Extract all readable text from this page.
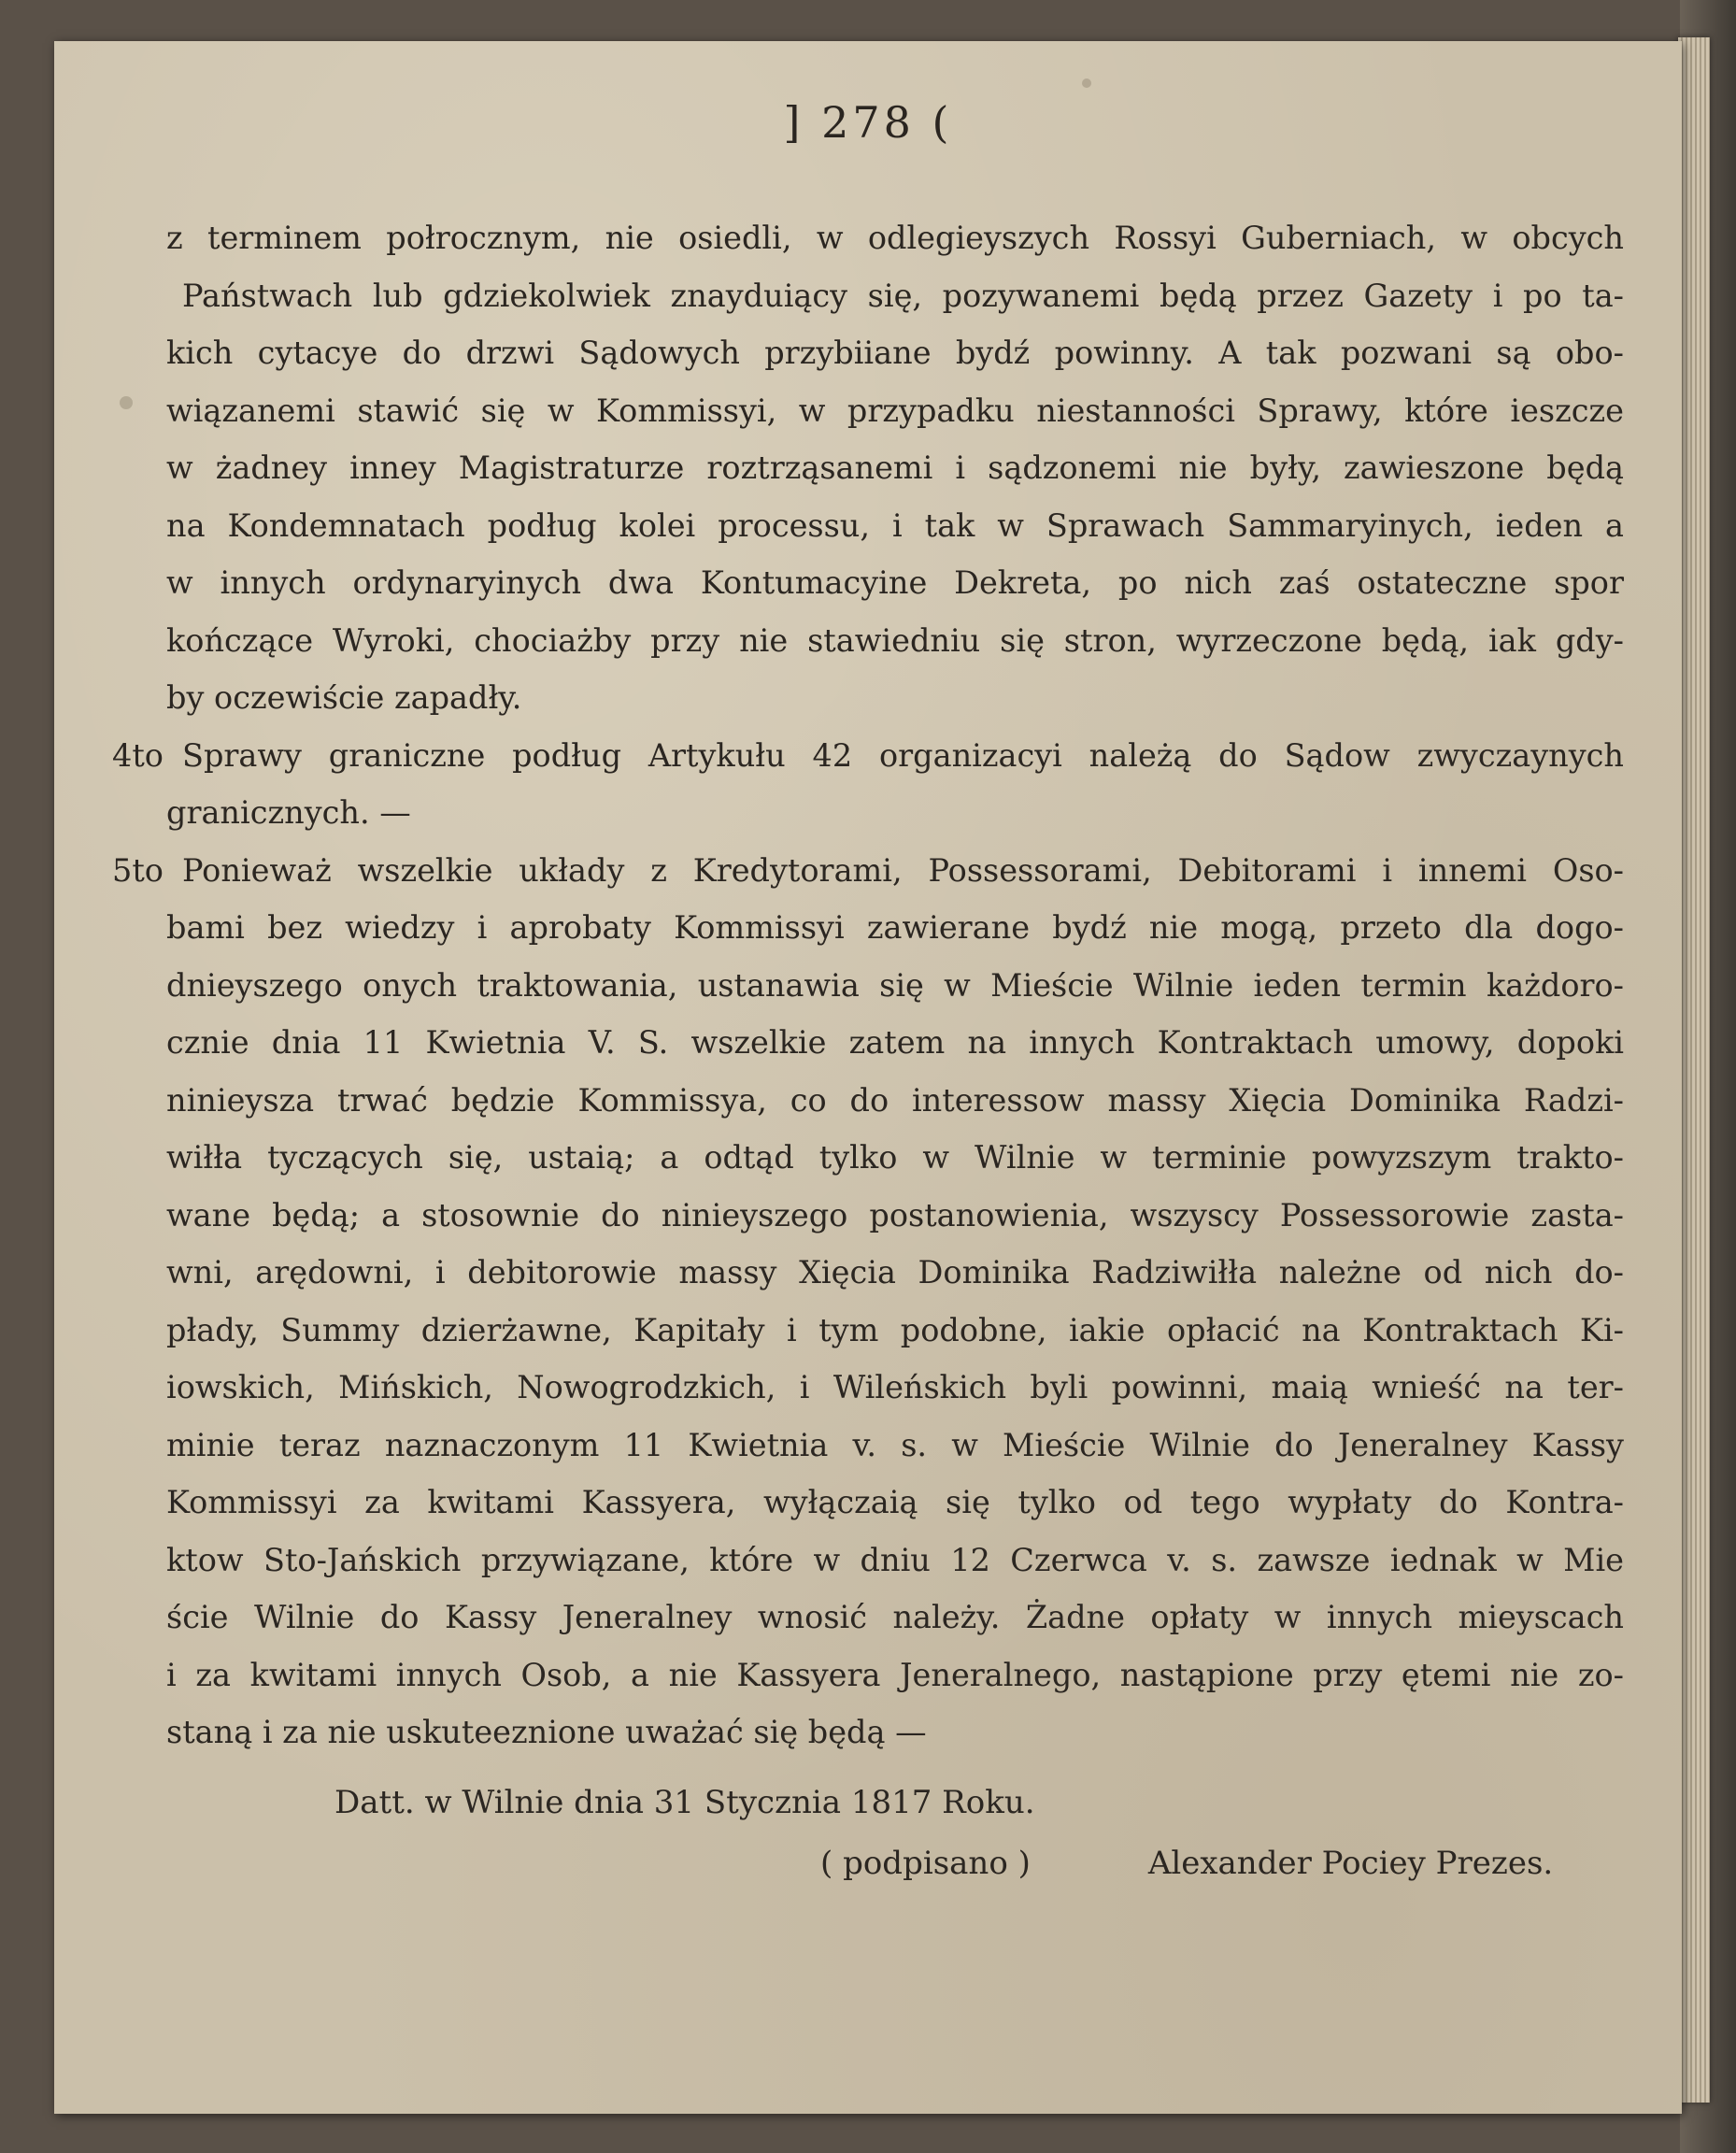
] 278 (
z terminem połrocznym, nie osiedli, w odlegieyszych Rossyi Guberniach, w obcych
Państwach lub gdziekolwiek znayduiący się, pozywanemi będą przez Gazety i po ta-
kich cytacye do drzwi Sądowych przybiiane bydź powinny. A tak pozwani są obo-
wiązanemi stawić się w Kommissyi, w przypadku niestanności Sprawy, które ieszcze
w żadney inney Magistraturze roztrząsanemi i sądzonemi nie były, zawieszone będą
na Kondemnatach podług kolei processu, i tak w Sprawach Sammaryinych, ieden a
w innych ordynaryinych dwa Kontumacyine Dekreta, po nich zaś ostateczne spor
kończące Wyroki, chociażby przy nie stawiedniu się stron, wyrzeczone będą, iak gdy-
by oczewiście zapadły.
4to Sprawy graniczne podług Artykułu 42 organizacyi należą do Sądow zwyczaynych
granicznych. —
5to Ponieważ wszelkie układy z Kredytorami, Possessorami, Debitorami i innemi Oso-
bami bez wiedzy i aprobaty Kommissyi zawierane bydź nie mogą, przeto dla dogo-
dnieyszego onych traktowania, ustanawia się w Mieście Wilnie ieden termin każdoro-
cznie dnia 11 Kwietnia V. S. wszelkie zatem na innych Kontraktach umowy, dopoki
ninieysza trwać będzie Kommissya, co do interessow massy Xięcia Dominika Radzi-
wiłła tyczących się, ustaią; a odtąd tylko w Wilnie w terminie powyzszym trakto-
wane będą; a stosownie do ninieyszego postanowienia, wszyscy Possessorowie zasta-
wni, arędowni, i debitorowie massy Xięcia Dominika Radziwiłła należne od nich do-
płady, Summy dzierżawne, Kapitały i tym podobne, iakie opłacić na Kontraktach Ki-
iowskich, Mińskich, Nowogrodzkich, i Wileńskich byli powinni, maią wnieść na ter-
minie teraz naznaczonym 11 Kwietnia v. s. w Mieście Wilnie do Jeneralney Kassy
Kommissyi za kwitami Kassyera, wyłączaią się tylko od tego wypłaty do Kontra-
ktow Sto-Jańskich przywiązane, które w dniu 12 Czerwca v. s. zawsze iednak w Mie
ście Wilnie do Kassy Jeneralney wnosić należy. Żadne opłaty w innych mieyscach
i za kwitami innych Osob, a nie Kassyera Jeneralnego, nastąpione przy ętemi nie zo-
staną i za nie uskuteeznione uważać się będą —
Datt. w Wilnie dnia 31 Stycznia 1817 Roku.
( podpisano )	Alexander Pociey Prezes.
